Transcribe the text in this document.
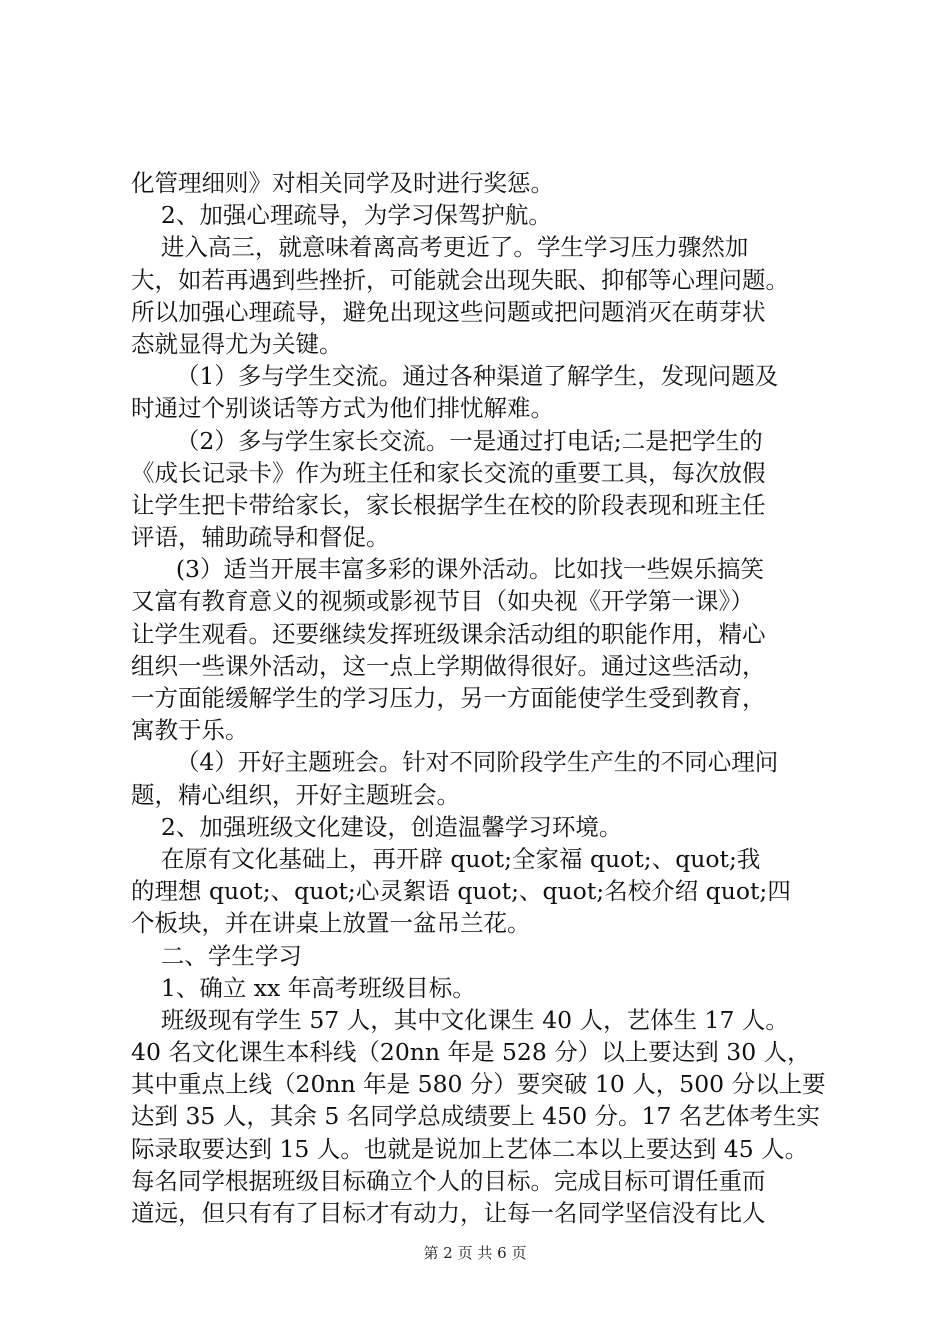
化管理细则》对相关同学及时进行奖惩。
2、加强心理疏导，为学习保驾护航。
进入高三，就意味着离高考更近了。学生学习压力骤然加
大，如若再遇到些挫折，可能就会出现失眠、抑郁等心理问题。
所以加强心理疏导，避免出现这些问题或把问题消灭在萌芽状
态就显得尤为关键。
（1）多与学生交流。通过各种渠道了解学生，发现问题及
时通过个别谈话等方式为他们排忧解难。
（2）多与学生家长交流。一是通过打电话;二是把学生的
《成长记录卡》作为班主任和家长交流的重要工具，每次放假
让学生把卡带给家长，家长根据学生在校的阶段表现和班主任
评语，辅助疏导和督促。
(3）适当开展丰富多彩的课外活动。比如找一些娱乐搞笑
又富有教育意义的视频或影视节目（如央视《开学第一课》）
让学生观看。还要继续发挥班级课余活动组的职能作用，精心
组织一些课外活动，这一点上学期做得很好。通过这些活动，
一方面能缓解学生的学习压力，另一方面能使学生受到教育，
寓教于乐。
（4）开好主题班会。针对不同阶段学生产生的不同心理问
题，精心组织，开好主题班会。
2、加强班级文化建设，创造温馨学习环境。
在原有文化基础上，再开辟 quot;全家福 quot;、quot;我
的理想 quot;、quot;心灵絮语 quot;、quot;名校介绍 quot;四
个板块，并在讲桌上放置一盆吊兰花。
二、学生学习
1、确立 xx 年高考班级目标。
班级现有学生 57 人，其中文化课生 40 人，艺体生 17 人。
40 名文化课生本科线（20nn 年是 528 分）以上要达到 30 人，
其中重点上线（20nn 年是 580 分）要突破 10 人，500 分以上要
达到 35 人，其余 5 名同学总成绩要上 450 分。17 名艺体考生实
际录取要达到 15 人。也就是说加上艺体二本以上要达到 45 人。
每名同学根据班级目标确立个人的目标。完成目标可谓任重而
道远，但只有有了目标才有动力，让每一名同学坚信没有比人
第 2 页 共 6 页
